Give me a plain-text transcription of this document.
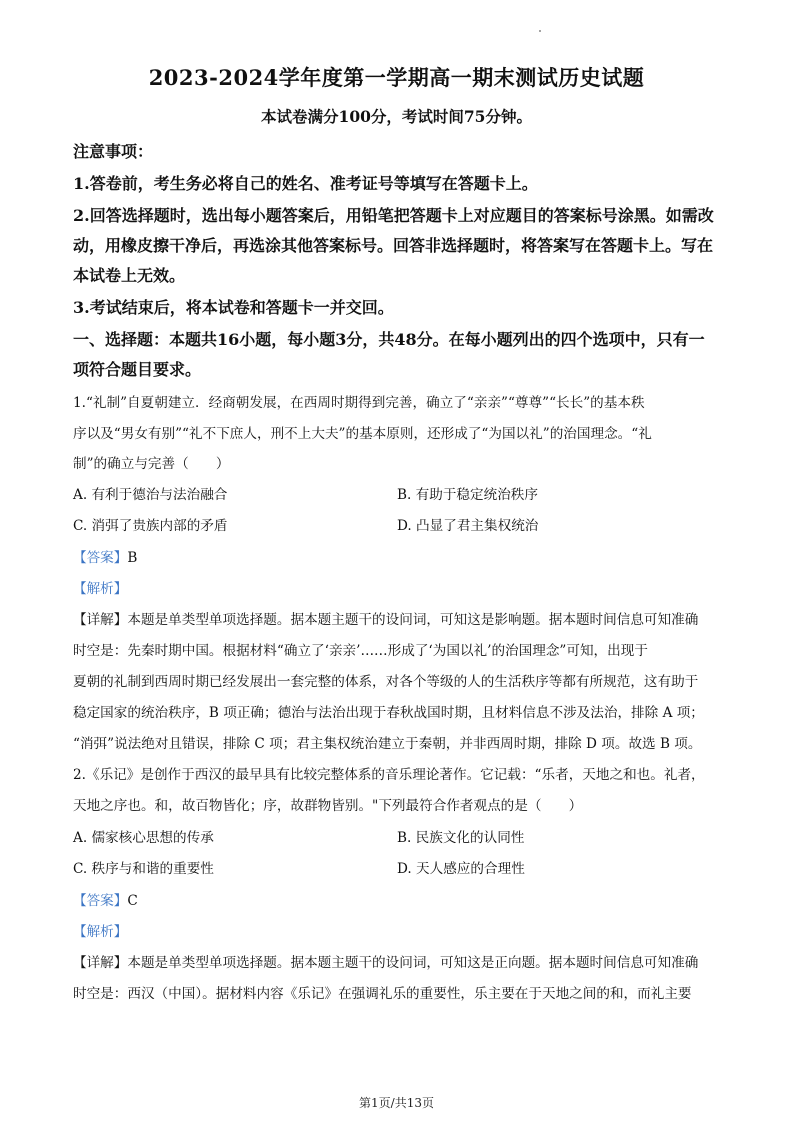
2023-2024学年度第一学期高一期末测试历史试题
本试卷满分100分，考试时间75分钟。
注意事项：
1.答卷前，考生务必将自己的姓名、准考证号等填写在答题卡上。
2.回答选择题时，选出每小题答案后，用铅笔把答题卡上对应题目的答案标号涂黑。如需改
动，用橡皮擦干净后，再选涂其他答案标号。回答非选择题时，将答案写在答题卡上。写在
本试卷上无效。
3.考试结束后，将本试卷和答题卡一并交回。
一、选择题：本题共16小题，每小题3分，共48分。在每小题列出的四个选项中，只有一
项符合题目要求。
1.“礼制”自夏朝建立．经商朝发展，在西周时期得到完善，确立了“亲亲”“尊尊”“长长”的基本秩
序以及“男女有别”“礼不下庶人，刑不上大夫”的基本原则，还形成了“为国以礼”的治国理念。“礼
制”的确立与完善（　　）
A. 有利于德治与法治融合	B. 有助于稳定统治秩序
C. 消弭了贵族内部的矛盾	D. 凸显了君主集权统治
【答案】B
【解析】
【详解】本题是单类型单项选择题。据本题主题干的设问词，可知这是影响题。据本题时间信息可知准确
时空是：先秦时期中国。根据材料“确立了‘亲亲’……形成了‘为国以礼’的治国理念”可知，出现于
夏朝的礼制到西周时期已经发展出一套完整的体系，对各个等级的人的生活秩序等都有所规范，这有助于
稳定国家的统治秩序，B 项正确；德治与法治出现于春秋战国时期，且材料信息不涉及法治，排除 A 项；
“消弭”说法绝对且错误，排除 C 项；君主集权统治建立于秦朝，并非西周时期，排除 D 项。故选 B 项。
2.《乐记》是创作于西汉的最早具有比较完整体系的音乐理论著作。它记载：“乐者，天地之和也。礼者，
天地之序也。和，故百物皆化；序，故群物皆别。"下列最符合作者观点的是（　　）
A. 儒家核心思想的传承	B. 民族文化的认同性
C. 秩序与和谐的重要性	D. 天人感应的合理性
【答案】C
【解析】
【详解】本题是单类型单项选择题。据本题主题干的设问词，可知这是正向题。据本题时间信息可知准确
时空是：西汉（中国）。据材料内容《乐记》在强调礼乐的重要性，乐主要在于天地之间的和，而礼主要
第1页/共13页
